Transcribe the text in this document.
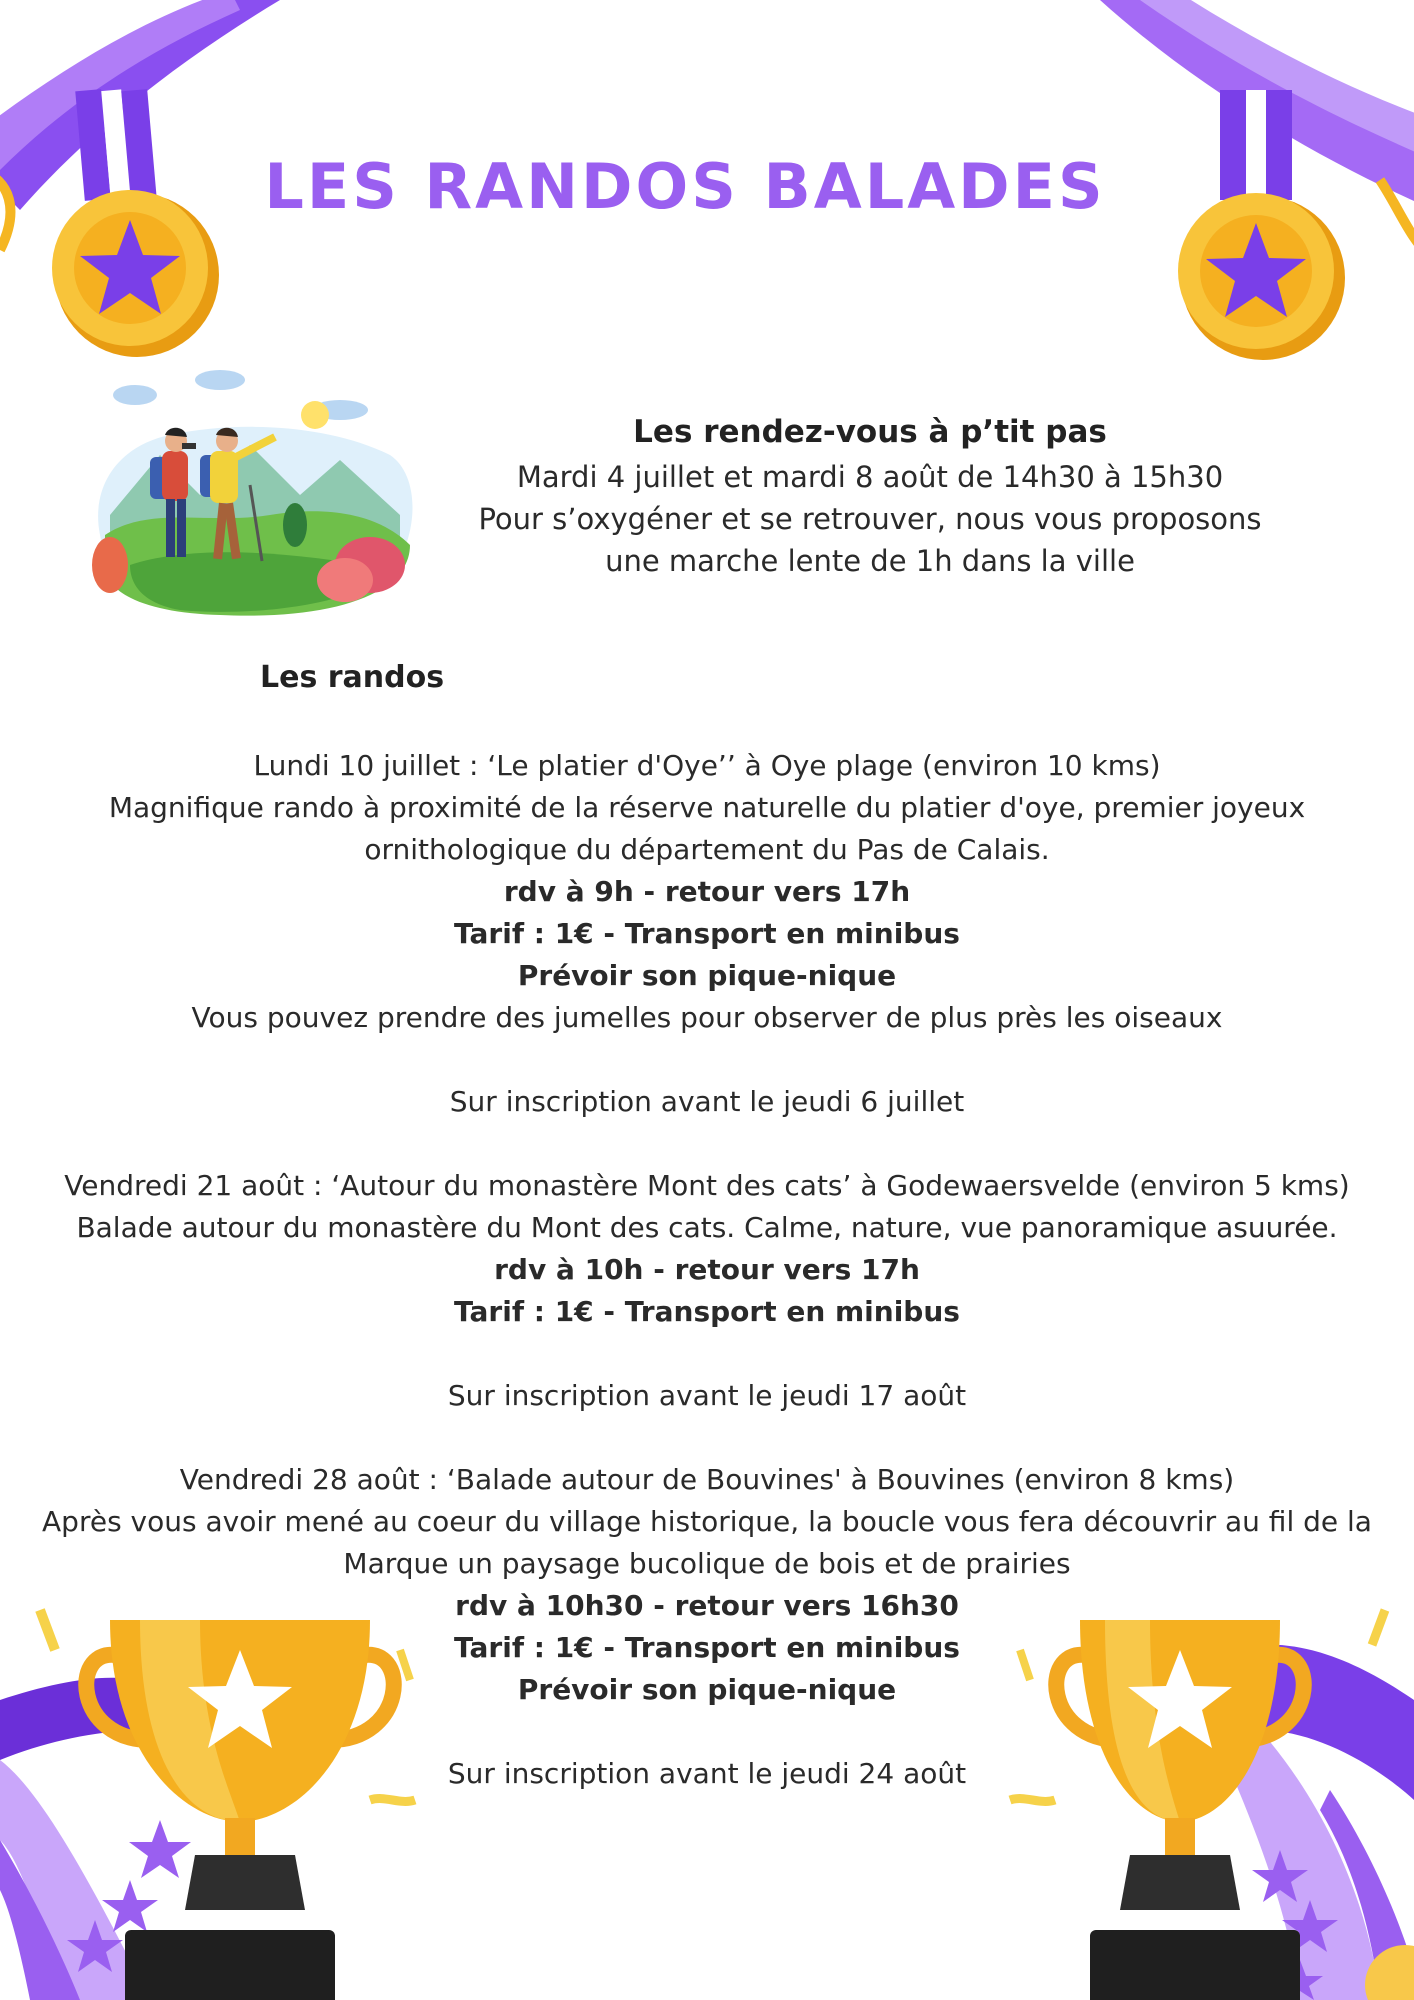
LES RANDOS BALADES
Les rendez-vous à p’tit pas
Mardi 4 juillet et mardi 8 août de 14h30 à 15h30
Pour s’oxygéner et se retrouver, nous vous proposons
une marche lente de 1h dans la ville
Les randos
Lundi 10 juillet : ‘Le platier d'Oye’’ à Oye plage (environ 10 kms)
Magnifique rando à proximité de la réserve naturelle du platier d'oye, premier joyeux ornithologique du département du Pas de Calais.
rdv à 9h - retour vers 17h
Tarif : 1€ - Transport en minibus
Prévoir son pique-nique
Vous pouvez prendre des jumelles pour observer de plus près les oiseaux
Sur inscription avant le jeudi 6 juillet
Vendredi 21 août : ‘Autour du monastère Mont des cats’ à Godewaersvelde (environ 5 kms)
Balade autour du monastère du Mont des cats. Calme, nature, vue panoramique asuurée.
rdv à 10h - retour vers 17h
Tarif : 1€ - Transport en minibus
Sur inscription avant le jeudi 17 août
Vendredi 28 août : ‘Balade autour de Bouvines' à Bouvines (environ 8 kms)
Après vous avoir mené au coeur du village historique, la boucle vous fera découvrir au fil de la Marque un paysage bucolique de bois et de prairies
rdv à 10h30 - retour vers 16h30
Tarif : 1€ - Transport en minibus
Prévoir son pique-nique
Sur inscription avant le jeudi 24 août
